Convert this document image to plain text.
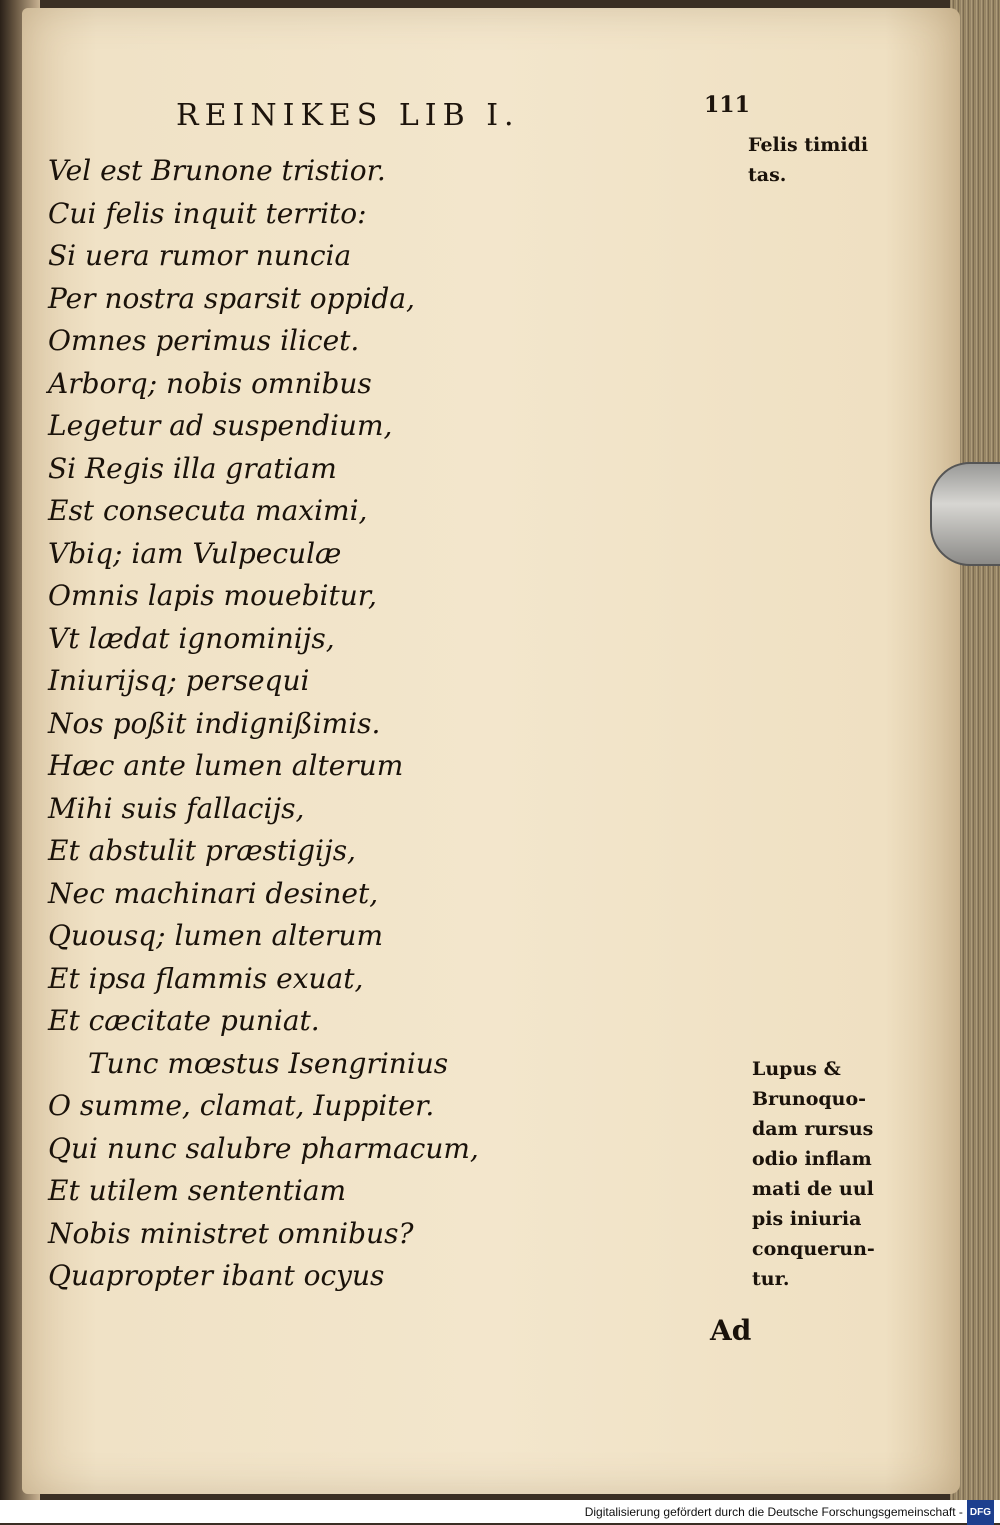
REINIKES LIB I.	111
Vel est Brunone tristior.
Cui felis inquit territo:
Si uera rumor nuncia
Per nostra sparsit oppida,
Omnes perimus ilicet.
Arborq; nobis omnibus
Legetur ad suspendium,
Si Regis illa gratiam
Est consecuta maximi,
Vbiq; iam Vulpeculæ
Omnis lapis mouebitur,
Vt lædat ignominijs,
Iniurijsq; persequi
Nos poßit indignißimis.
Hæc ante lumen alterum
Mihi suis fallacijs,
Et abstulit præstigijs,
Nec machinari desinet,
Quousq; lumen alterum
Et ipsa flammis exuat,
Et cæcitate puniat.
Tunc mœstus Isengrinius
O summe, clamat, Iuppiter.
Qui nunc salubre pharmacum,
Et utilem sententiam
Nobis ministret omnibus?
Quapropter ibant ocyus
Felis timidi
tas.
Lupus &
Brunoquo-
dam rursus
odio inflam
mati de uul
pis iniuria
conquerun-
tur.
Ad
Digitalisierung gefördert durch die Deutsche Forschungsgemeinschaft - DFG
